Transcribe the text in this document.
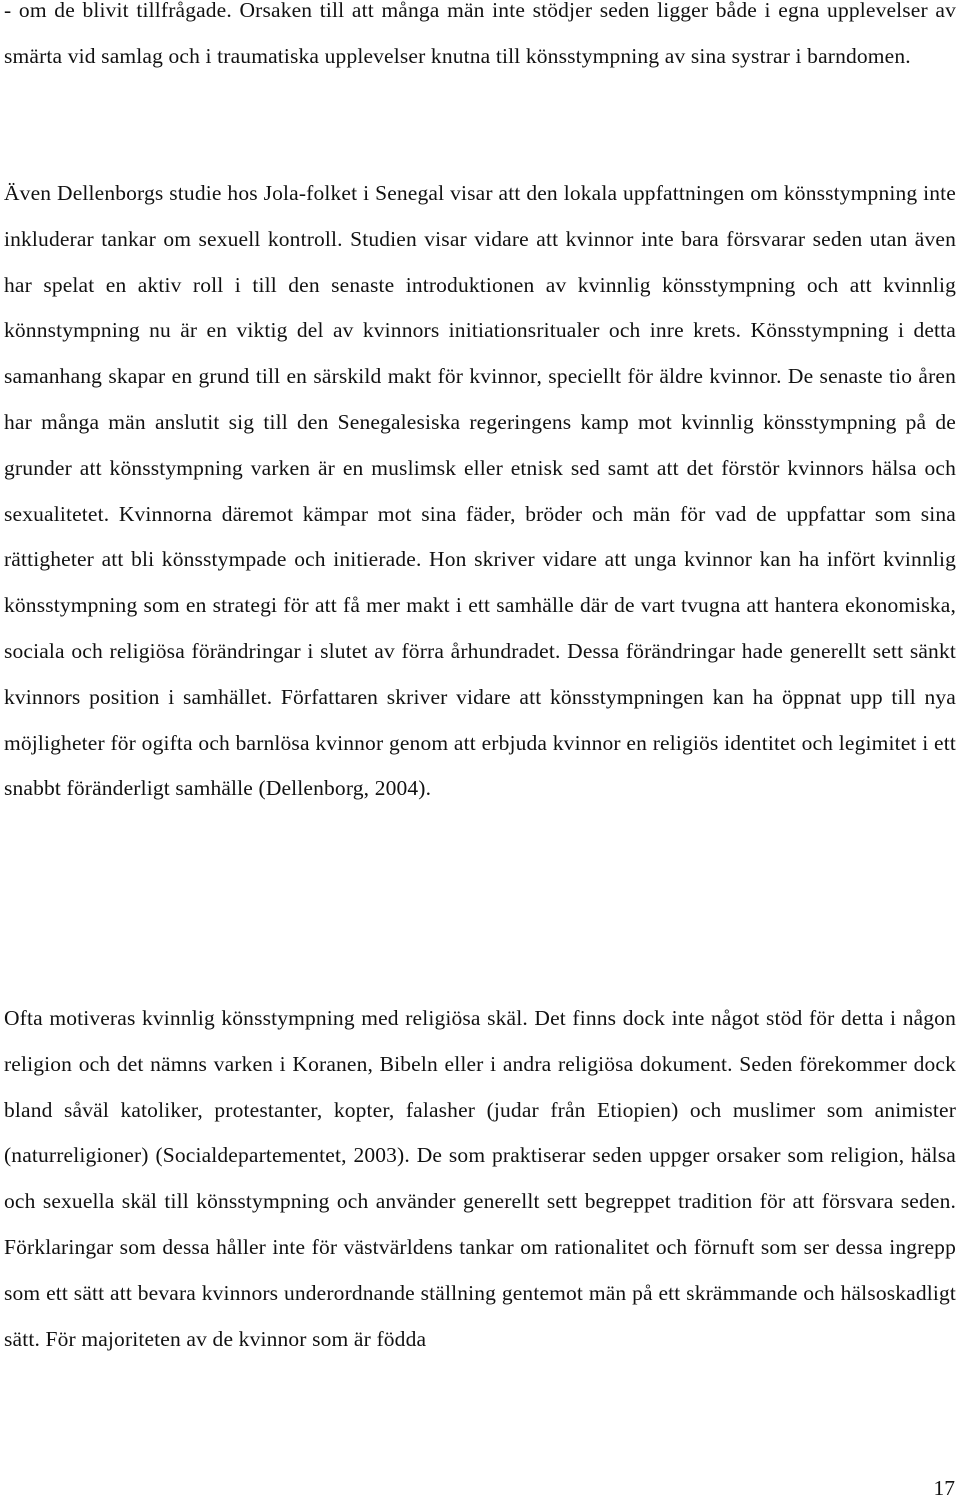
- om de blivit tillfrågade. Orsaken till att många män inte stödjer seden ligger både i egna upplevelser av smärta vid samlag och i traumatiska upplevelser knutna till könsstympning av sina systrar i barndomen.

Även Dellenborgs studie hos Jola-folket i Senegal visar att den lokala uppfattningen om könsstympning inte inkluderar tankar om sexuell kontroll. Studien visar vidare att kvinnor inte bara försvarar seden utan även har spelat en aktiv roll i till den senaste introduktionen av kvinnlig könsstympning och att kvinnlig könnstympning nu är en viktig del av kvinnors initiationsritualer och inre krets. Könsstympning i detta samanhang skapar en grund till en särskild makt för kvinnor, speciellt för äldre kvinnor. De senaste tio åren har många män anslutit sig till den Senegalesiska regeringens kamp mot kvinnlig könsstympning på de grunder att könsstympning varken är en muslimsk eller etnisk sed samt att det förstör kvinnors hälsa och sexualitetet. Kvinnorna däremot kämpar mot sina fäder, bröder och män för vad de uppfattar som sina rättigheter att bli könsstympade och initierade. Hon skriver vidare att unga kvinnor kan ha infört kvinnlig könsstympning som en strategi för att få mer makt i ett samhälle där de vart tvugna att hantera ekonomiska, sociala och religiösa förändringar i slutet av förra århundradet. Dessa förändringar hade generellt sett sänkt kvinnors position i samhället. Författaren skriver vidare att könsstympningen kan ha öppnat upp till nya möjligheter för ogifta och barnlösa kvinnor genom att erbjuda kvinnor en religiös identitet och legimitet i ett snabbt föränderligt samhälle (Dellenborg, 2004).

Ofta motiveras kvinnlig könsstympning med religiösa skäl. Det finns dock inte något stöd för detta i någon religion och det nämns varken i Koranen, Bibeln eller i andra religiösa dokument. Seden förekommer dock bland såväl katoliker, protestanter, kopter, falasher (judar från Etiopien) och muslimer som animister (naturreligioner) (Socialdepartementet, 2003). De som praktiserar seden uppger orsaker som religion, hälsa och sexuella skäl till könsstympning och använder generellt sett begreppet tradition för att försvara seden. Förklaringar som dessa håller inte för västvärldens tankar om rationalitet och förnuft som ser dessa ingrepp som ett sätt att bevara kvinnors underordnande ställning gentemot män på ett skrämmande och hälsoskadligt sätt. För majoriteten av de kvinnor som är födda

17
